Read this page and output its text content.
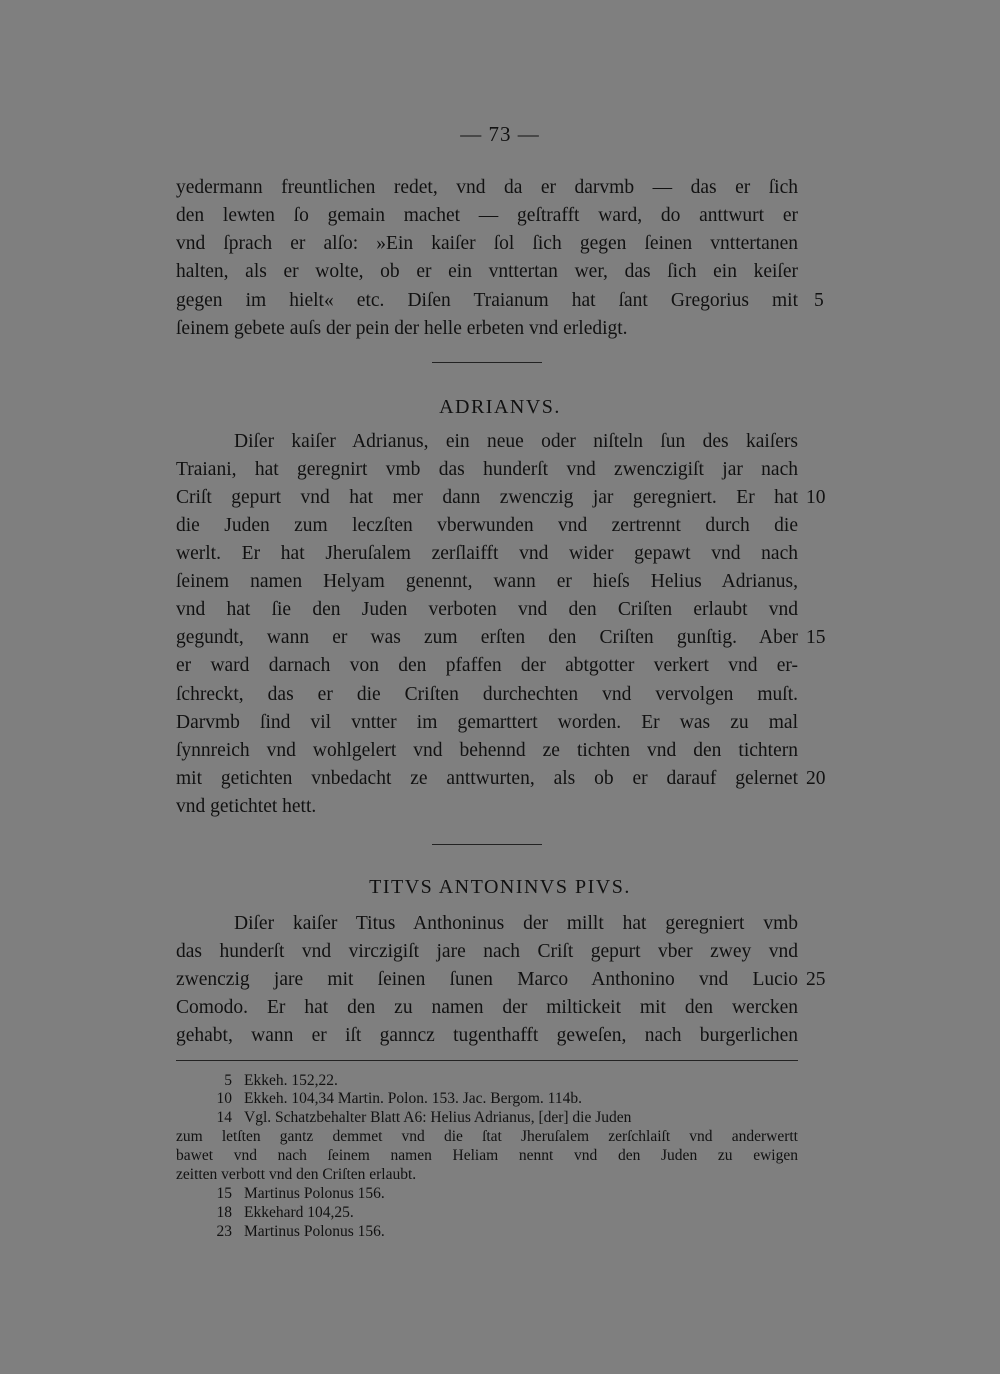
— 73 —
yedermann freuntlichen redet, vnd da er darvmb — das er ſich
den lewten ſo gemain machet — geſtrafft ward, do anttwurt er
vnd ſprach er alſo: »Ein kaiſer ſol ſich gegen ſeinen vnttertanen
halten, als er wolte, ob er ein vnttertan wer, das ſich ein keiſer
gegen im hielt« etc. Diſen Traianum hat ſant Gregorius mit 5
ſeinem gebete auſs der pein der helle erbeten vnd erledigt.
ADRIANVS.
Diſer kaiſer Adrianus, ein neue oder niſteln ſun des kaiſers
Traiani, hat geregnirt vmb das hunderſt vnd zwenczigiſt jar nach
Criſt gepurt vnd hat mer dann zwenczig jar geregniert. Er hat 10
die Juden zum leczſten vberwunden vnd zertrennt durch die
werlt. Er hat Jheruſalem zerſlaifft vnd wider gepawt vnd nach
ſeinem namen Helyam genennt, wann er hieſs Helius Adrianus,
vnd hat ſie den Juden verboten vnd den Criſten erlaubt vnd
gegundt, wann er was zum erſten den Criſten gunſtig. Aber 15
er ward darnach von den pfaffen der abtgotter verkert vnd er-
ſchreckt, das er die Criſten durchechten vnd vervolgen muſt.
Darvmb ſind vil vntter im gemarttert worden. Er was zu mal
ſynnreich vnd wohlgelert vnd behennd ze tichten vnd den tichtern
mit getichten vnbedacht ze anttwurten, als ob er darauf gelernet 20
vnd getichtet hett.
TITVS ANTONINVS PIVS.
Diſer kaiſer Titus Anthoninus der millt hat geregniert vmb
das hunderſt vnd virczigiſt jare nach Criſt gepurt vber zwey vnd
zwenczig jare mit ſeinen ſunen Marco Anthonino vnd Lucio 25
Comodo. Er hat den zu namen der miltickeit mit den wercken
gehabt, wann er iſt ganncz tugenthafft geweſen, nach burgerlichen
5 Ekkeh. 152,22.
10 Ekkeh. 104,34 Martin. Polon. 153. Jac. Bergom. 114b.
14 Vgl. Schatzbehalter Blatt A6: Helius Adrianus, [der] die Juden
zum letſten gantz demmet vnd die ſtat Jheruſalem zerſchlaiſt vnd anderwertt
bawet vnd nach ſeinem namen Heliam nennt vnd den Juden zu ewigen
zeitten verbott vnd den Criſten erlaubt.
15 Martinus Polonus 156.
18 Ekkehard 104,25.
23 Martinus Polonus 156.
